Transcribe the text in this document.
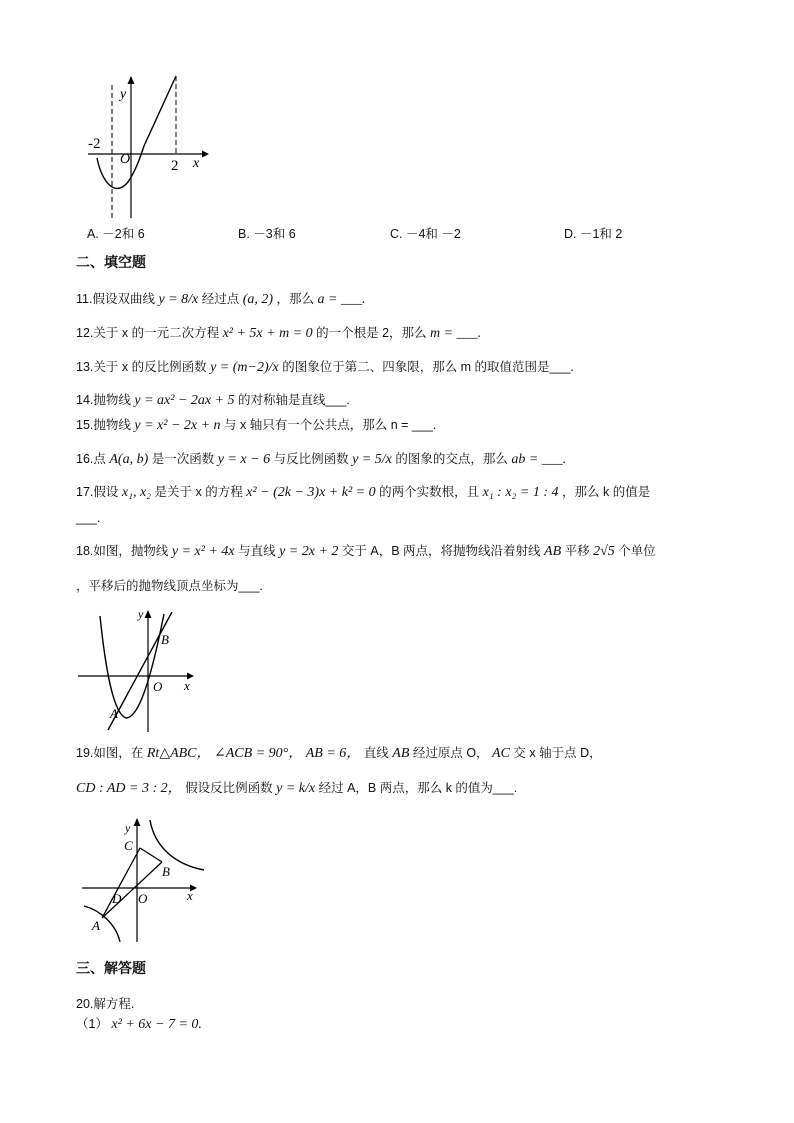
y
x
O
-2
2
A. －2和 6	B. －3和 6	C. －4和 －2	D. －1和 2
二、填空题
11.假设双曲线 y = 8/x 经过点 (a, 2) ，那么 a = ___.
12.关于 x 的一元二次方程 x² + 5x + m = 0 的一个根是 2，那么 m = ___.
13.关于 x 的反比例函数 y = (m−2)/x 的图象位于第二、四象限，那么 m 的取值范围是___.
14.抛物线 y = ax² − 2ax + 5 的对称轴是直线___.
15.抛物线 y = x² − 2x + n 与 x 轴只有一个公共点，那么 n = ___.
16.点 A(a, b) 是一次函数 y = x − 6 与反比例函数 y = 5/x 的图象的交点，那么 ab = ___.
17.假设 x₁, x₂ 是关于 x 的方程 x² − (2k − 3)x + k² = 0 的两个实数根，且 x₁ : x₂ = 1 : 4 ，那么 k 的值是
___.
18.如图，抛物线 y = x² + 4x 与直线 y = 2x + 2 交于 A，B 两点，将抛物线沿着射线 AB 平移 2√5 个单位
，平移后的抛物线顶点坐标为___.
y
x
O
A
B
19.如图，在 Rt△ABC， ∠ACB = 90°， AB = 6， 直线 AB 经过原点 O， AC 交 x 轴于点 D，
CD : AD = 3 : 2， 假设反比例函数 y = k/x 经过 A，B 两点，那么 k 的值为___.
y
x
O
A
B
C
D
三、解答题
20.解方程.
（1） x² + 6x − 7 = 0.
